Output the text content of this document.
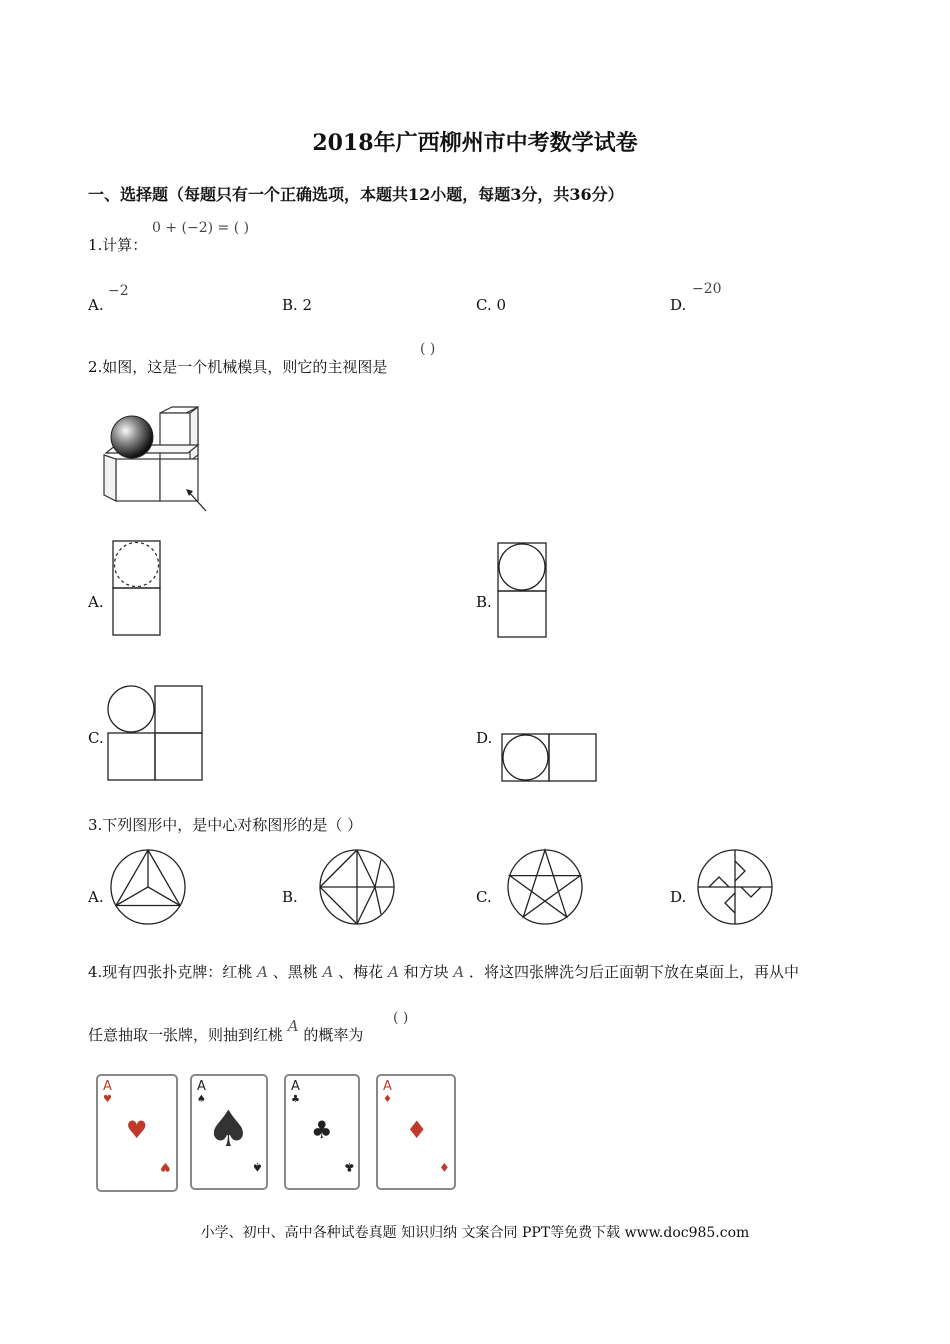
2018年广西柳州市中考数学试卷
一、选择题（每题只有一个正确选项，本题共12小题，每题3分，共36分）
1.计算：
0 + (−2) = ( )
A.
−2
B. 2	C. 0	D.
−20
2.如图，这是一个机械模具，则它的主视图是
( )
A.	B.
C.	D.
3.下列图形中，是中心对称图形的是（ ）
A.	B.	C.	D.
4.现有四张扑克牌：红桃 A 、黑桃 A 、梅花 A 和方块 A ．将这四张牌洗匀后正面朝下放在桌面上，再从中
任意抽取一张牌，则抽到红桃 A 的概率为
( )
A
♥
♥
♥
A
♠
♠
♠
A
♣
♣
♣
A
♦
♦
♦
小学、初中、高中各种试卷真题 知识归纳 文案合同 PPT等免费下载 www.doc985.com
